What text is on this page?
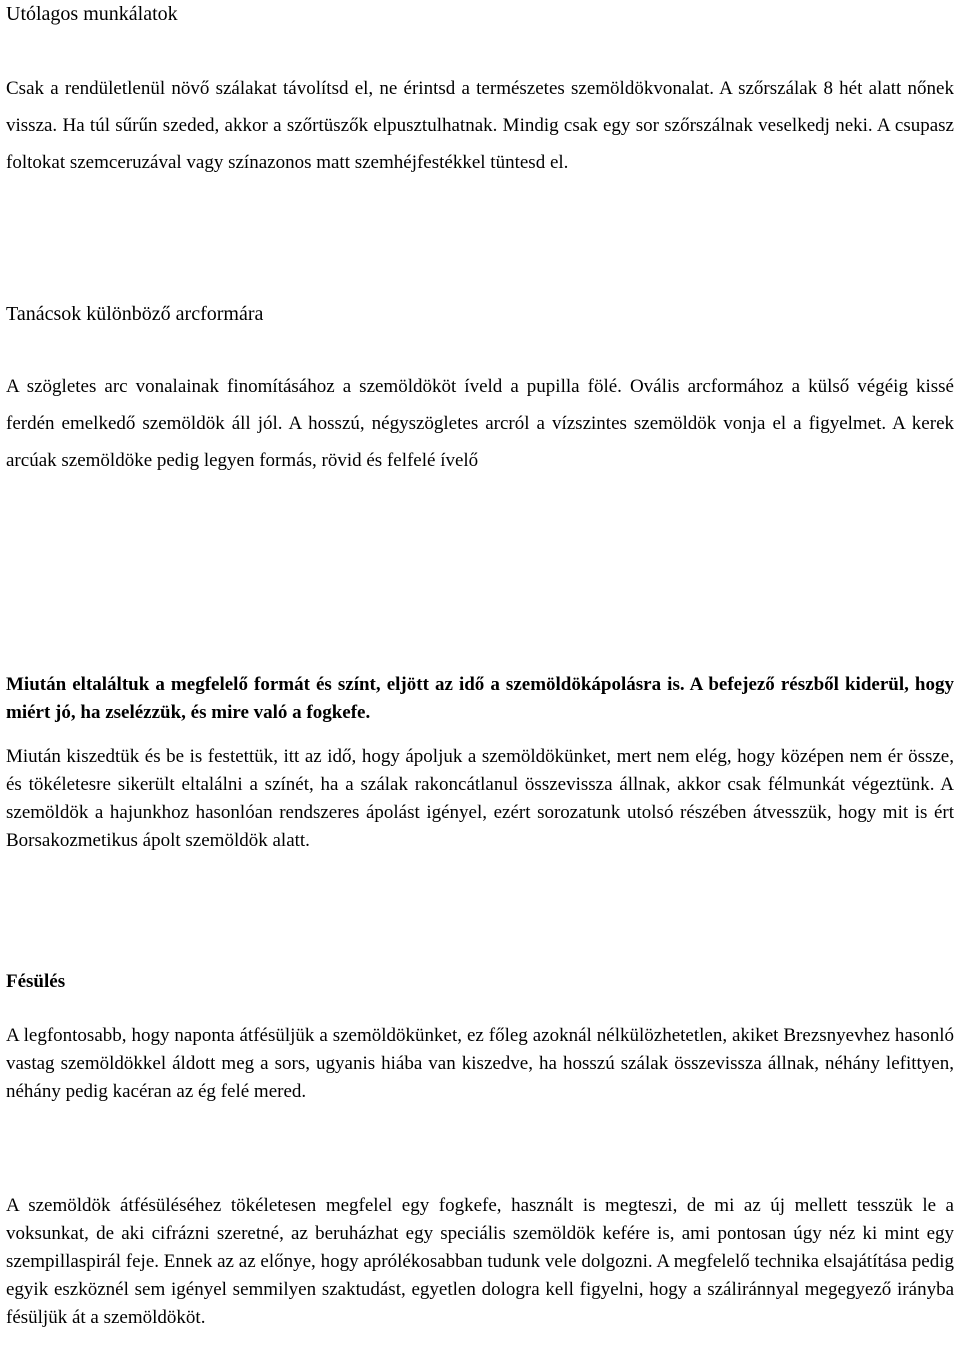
Utólagos munkálatok

Csak a rendületlenül növő szálakat távolítsd el, ne érintsd a természetes szemöldökvonalat. A szőrszálak 8 hét alatt nőnek vissza. Ha túl sűrűn szeded, akkor a szőrtüszők elpusztulhatnak. Mindig csak egy sor szőrszálnak veselkedj neki. A csupasz foltokat szemceruzával vagy színazonos matt szemhéjfestékkel tüntesd el.

Tanácsok különböző arcformára

A szögletes arc vonalainak finomításához a szemöldököt íveld a pupilla fölé. Ovális arcformához a külső végéig kissé ferdén emelkedő szemöldök áll jól. A hosszú, négyszögletes arcról a vízszintes szemöldök vonja el a figyelmet. A kerek arcúak szemöldöke pedig legyen formás, rövid és felfelé ívelő

Miután eltaláltuk a megfelelő formát és színt, eljött az idő a szemöldökápolásra is. A befejező részből kiderül, hogy miért jó, ha zselézzük, és mire való a fogkefe.

Miután kiszedtük és be is festettük, itt az idő, hogy ápoljuk a szemöldökünket, mert nem elég, hogy középen nem ér össze, és tökéletesre sikerült eltalálni a színét, ha a szálak rakoncátlanul összevissza állnak, akkor csak félmunkát végeztünk. A szemöldök a hajunkhoz hasonlóan rendszeres ápolást igényel, ezért sorozatunk utolsó részében átvesszük, hogy mit is ért Borsakozmetikus ápolt szemöldök alatt.

Fésülés

A legfontosabb, hogy naponta átfésüljük a szemöldökünket, ez főleg azoknál nélkülözhetetlen, akiket Brezsnyevhez hasonló vastag szemöldökkel áldott meg a sors, ugyanis hiába van kiszedve, ha hosszú szálak összevissza állnak, néhány lefittyen, néhány pedig kacéran az ég felé mered.

A szemöldök átfésüléséhez tökéletesen megfelel egy fogkefe, használt is megteszi, de mi az új mellett tesszük le a voksunkat, de aki cifrázni szeretné, az beruházhat egy speciális szemöldök kefére is, ami pontosan úgy néz ki mint egy szempillaspirál feje. Ennek az az előnye, hogy aprólékosabban tudunk vele dolgozni. A megfelelő technika elsajátítása pedig egyik eszköznél sem igényel semmilyen szaktudást, egyetlen dologra kell figyelni, hogy a száliránnyal megegyező irányba fésüljük át a szemöldököt.
